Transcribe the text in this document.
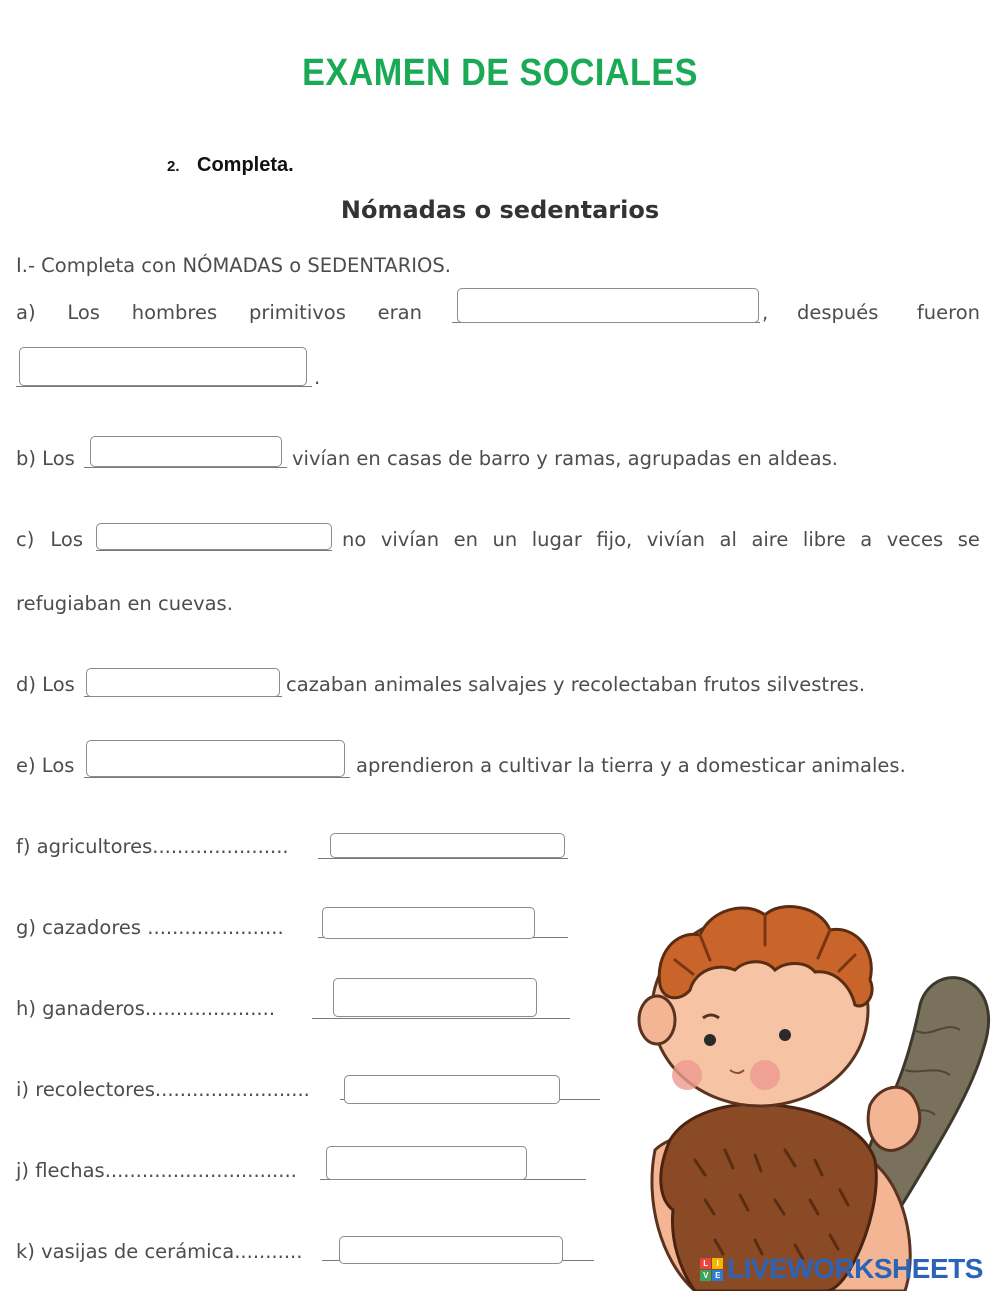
EXAMEN DE SOCIALES
2. Completa.
Nómadas o sedentarios
I.- Completa con NÓMADAS o SEDENTARIOS.
a) Los hombres primitivos eran	, después fueron
.
b) Los	vivían en casas de barro y ramas, agrupadas en aldeas.
c) Los	no vivían en un lugar fijo, vivían al aire libre a veces se
refugiaban en cuevas.
d) Los	cazaban animales salvajes y recolectaban frutos silvestres.
e) Los	aprendieron a cultivar la tierra y a domesticar animales.
f) agricultores......................
g) cazadores ......................
h) ganaderos.....................
i) recolectores.........................
j) flechas...............................
k) vasijas de cerámica...........	L	I
V E LIVEWORKSHEETS
